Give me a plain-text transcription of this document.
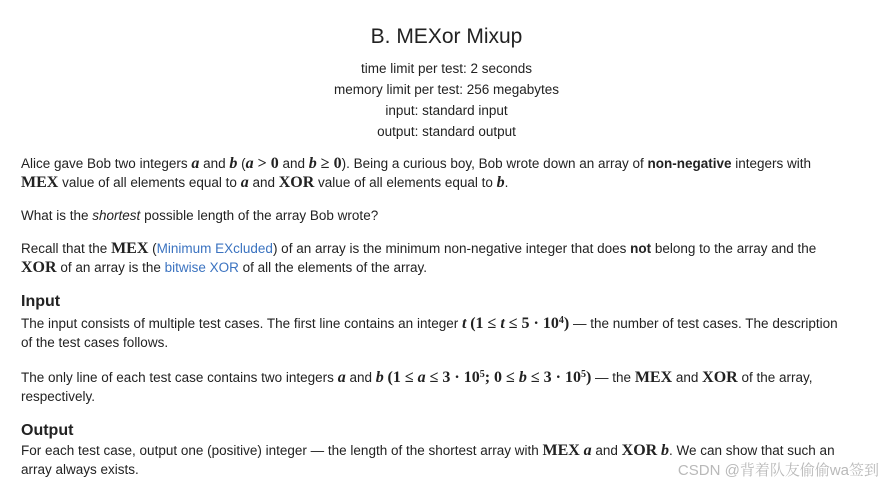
B. MEXor Mixup
time limit per test: 2 seconds
memory limit per test: 256 megabytes
input: standard input
output: standard output
Alice gave Bob two integers a and b (a > 0 and b ≥ 0). Being a curious boy, Bob wrote down an array of non-negative integers with
MEX value of all elements equal to a and XOR value of all elements equal to b.
What is the shortest possible length of the array Bob wrote?
Recall that the MEX (Minimum EXcluded) of an array is the minimum non-negative integer that does not belong to the array and the
XOR of an array is the bitwise XOR of all the elements of the array.
Input
The input consists of multiple test cases. The first line contains an integer t $(1 \le t \le 5 \cdot 10^4)$ — the number of test cases. The description
of the test cases follows.
The only line of each test case contains two integers a and b ($1 \le a \le 3 \cdot 10^5$; $0 \le b \le 3 \cdot 10^5$) — the MEX and XOR of the array,
respectively.
Output
For each test case, output one (positive) integer — the length of the shortest array with MEX a and XOR b. We can show that such an
array always exists.	CSDN @背着队友偷偷wa签到
